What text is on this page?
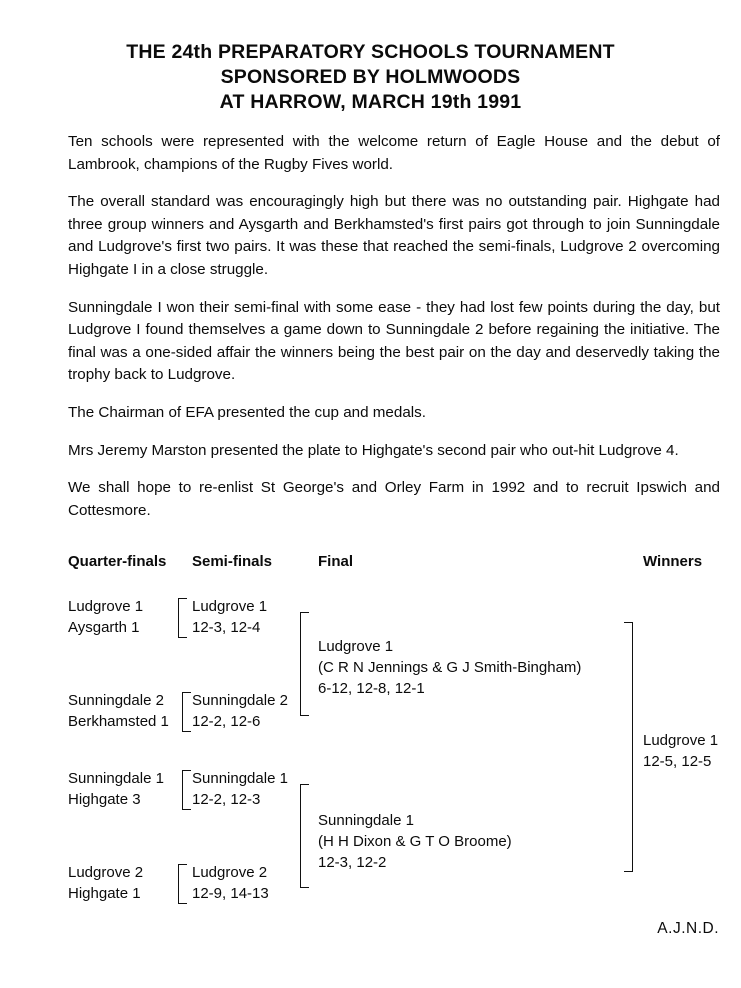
THE 24th PREPARATORY SCHOOLS TOURNAMENT
SPONSORED BY HOLMWOODS
AT HARROW, MARCH 19th 1991

Ten schools were represented with the welcome return of Eagle House and the debut of Lambrook, champions of the Rugby Fives world.

The overall standard was encouragingly high but there was no outstanding pair. Highgate had three group winners and Aysgarth and Berkhamsted's first pairs got through to join Sunningdale and Ludgrove's first two pairs. It was these that reached the semi-finals, Ludgrove 2 overcoming Highgate I in a close struggle.

Sunningdale I won their semi-final with some ease - they had lost few points during the day, but Ludgrove I found themselves a game down to Sunningdale 2 before regaining the initiative. The final was a one-sided affair the winners being the best pair on the day and deservedly taking the trophy back to Ludgrove.

The Chairman of EFA presented the cup and medals.

Mrs Jeremy Marston presented the plate to Highgate's second pair who out-hit Ludgrove 4.

We shall hope to re-enlist St George's and Orley Farm in 1992 and to recruit Ipswich and Cottesmore.

Quarter-finals Semi-finals	Final	Winners
Ludgrove 1
Aysgarth 1
Sunningdale 2
Berkhamsted 1
Sunningdale 1
Highgate 3
Ludgrove 2
Highgate 1
Ludgrove 1
12-3, 12-4
Sunningdale 2
12-2, 12-6
Sunningdale 1
12-2, 12-3
Ludgrove 2
12-9, 14-13
Ludgrove 1
(C R N Jennings & G J Smith-Bingham)
6-12, 12-8, 12-1
Sunningdale 1
(H H Dixon & G T O Broome)
12-3, 12-2
Ludgrove 1
12-5, 12-5
A.J.N.D.
